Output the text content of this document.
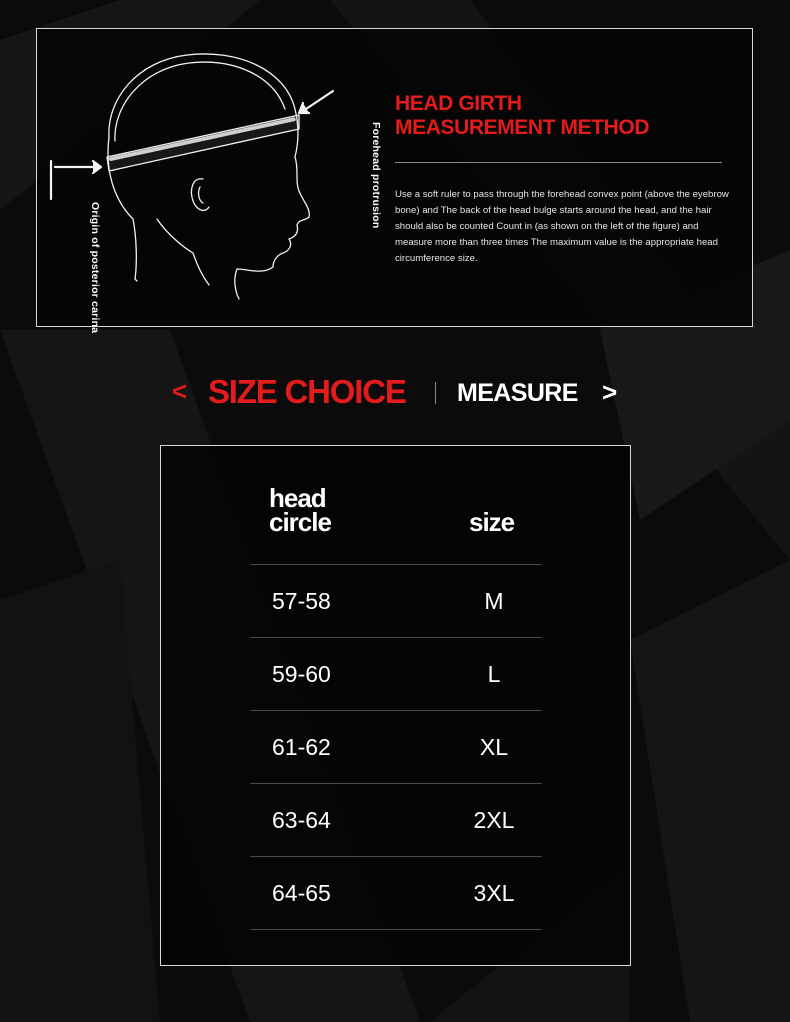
Origin of posterior carina
Forehead protrusion
HEAD GIRTH
MEASUREMENT METHOD

Use a soft ruler to pass through the forehead convex point (above the eyebrow bone) and The back of the head bulge starts around the head, and the hair should also be counted Count in (as shown on the left of the figure) and measure more than three times The maximum value is the appropriate head circumference size.

< SIZE CHOICE MEASURE >
head
circle	size
57-58	M
59-60	L
61-62	XL
63-64	2XL
64-65	3XL
